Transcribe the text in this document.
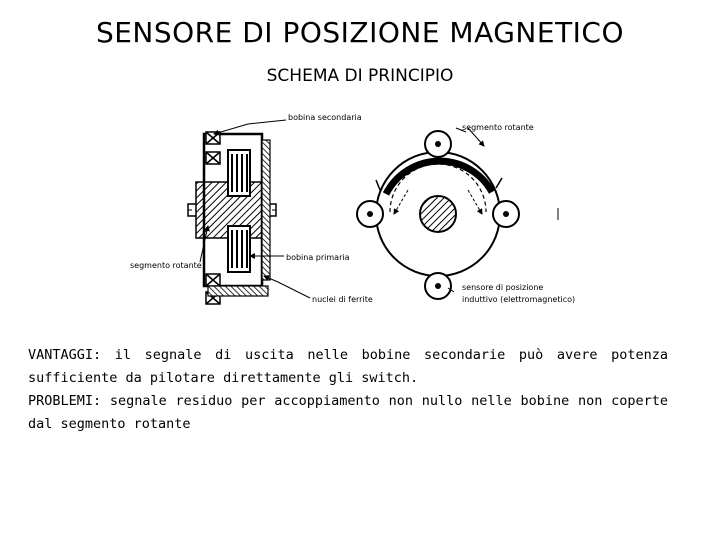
SENSORE DI POSIZIONE MAGNETICO
SCHEMA DI PRINCIPIO
bobina secondaria
segmento rotante
segmento rotante
bobina primaria
nuclei di ferrite
sensore di posizione
induttivo (elettromagnetico)

VANTAGGI: il segnale di uscita nelle bobine secondarie può avere potenza sufficiente da pilotare direttamente gli switch.

PROBLEMI: segnale residuo per accoppiamento non nullo nelle bobine non coperte dal segmento rotante
